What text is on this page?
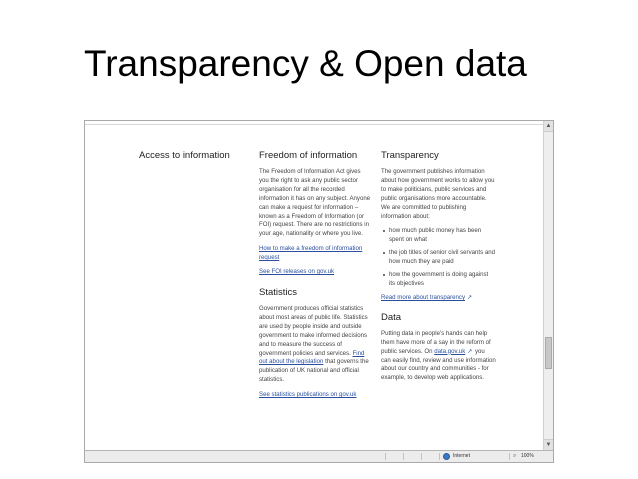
Transparency & Open data
Access to information	Freedom of information

The Freedom of Information Act gives you the right to ask any public sector organisation for all the recorded information it has on any subject. Anyone can make a request for information – known as a Freedom of Information (or FOI) request. There are no restrictions in your age, nationality or where you live.

How to make a freedom of information request
See FOI releases on gov.uk
Statistics

Government produces official statistics about most areas of public life. Statistics are used by people inside and outside government to make informed decisions and to measure the success of government policies and services. Find out about the legislation that governs the publication of UK national and official statistics.

See statistics publications on gov.uk
Transparency

The government publishes information about how government works to allow you to make politicians, public services and public organisations more accountable. We are committed to publishing information about:

how much public money has been spent on what
the job titles of senior civil servants and how much they are paid
how the government is doing against its objectives
Read more about transparency ↗
Data

Putting data in people's hands can help them have more of a say in the reform of public services. On data.gov.uk ↗ you can easily find, review and use information about our country and communities - for example, to develop web applications.

▲
▼
Internet	⌕ 100%
